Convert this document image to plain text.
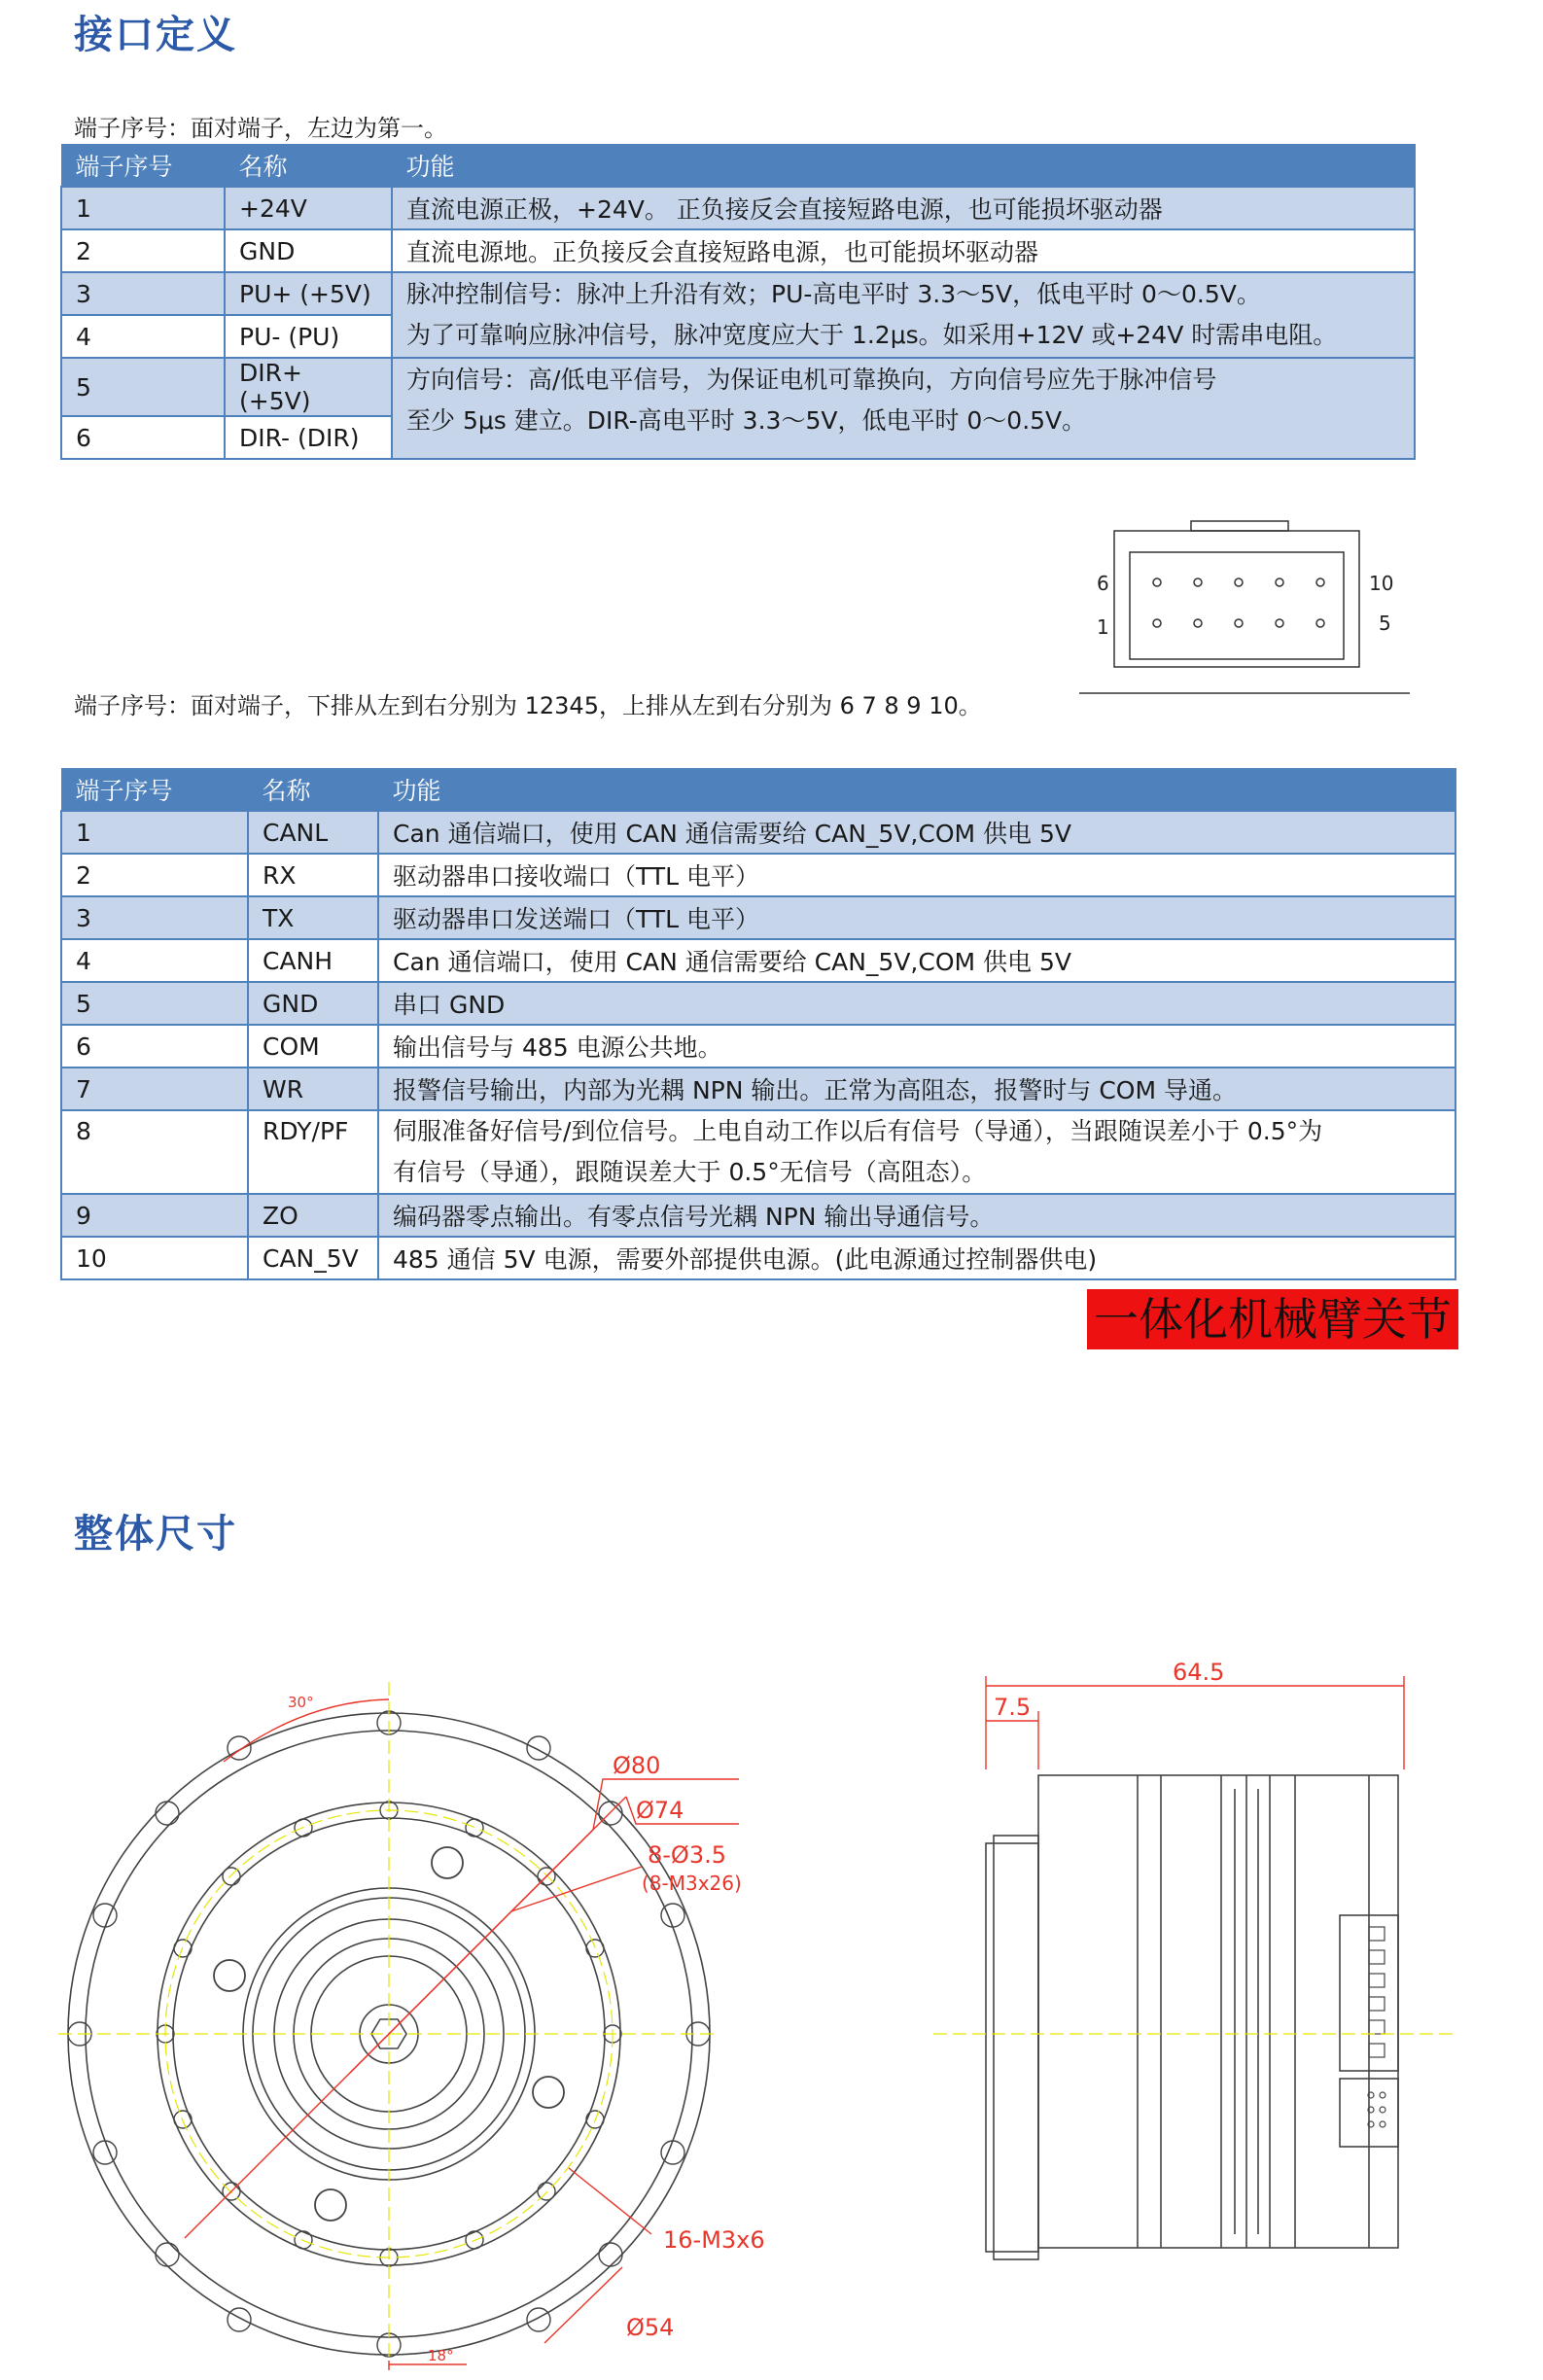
接口定义
端子序号：面对端子，左边为第一。
端子序号	名称	功能
1	+24V	直流电源正极，+24V。 正负接反会直接短路电源，也可能损坏驱动器
2	GND	直流电源地。正负接反会直接短路电源，也可能损坏驱动器
3	PU+ (+5V)	脉冲控制信号：脉冲上升沿有效；PU-高电平时 3.3～5V，低电平时 0～0.5V。
为了可靠响应脉冲信号，脉冲宽度应大于 1.2μs。如采用+12V 或+24V 时需串电阻。

4	PU- (PU)	
5	DIR+ (+5V)	方向信号：高/低电平信号，为保证电机可靠换向，方向信号应先于脉冲信号
至少 5μs 建立。DIR-高电平时 3.3～5V，低电平时 0～0.5V。

6	DIR- (DIR)	
6	10
1	5
端子序号：面对端子，下排从左到右分别为 12345，上排从左到右分别为 6 7 8 9 10。
端子序号	名称	功能
1	CANL	Can 通信端口，使用 CAN 通信需要给 CAN_5V,COM 供电 5V
2	RX	驱动器串口接收端口（TTL 电平）
3	TX	驱动器串口发送端口（TTL 电平）
4	CANH	Can 通信端口，使用 CAN 通信需要给 CAN_5V,COM 供电 5V
5	GND	串口 GND
6	COM	输出信号与 485 电源公共地。
7	WR	报警信号输出，内部为光耦 NPN 输出。正常为高阻态，报警时与 COM 导通。
8	RDY/PF	伺服准备好信号/到位信号。上电自动工作以后有信号（导通），当跟随误差小于 0.5°为
有信号（导通），跟随误差大于 0.5°无信号（高阻态）。

9	ZO	编码器零点输出。有零点信号光耦 NPN 输出导通信号。
10	CAN_5V	485 通信 5V 电源，需要外部提供电源。(此电源通过控制器供电)
一体化机械臂关节
整体尺寸
Ø80
Ø74
8-Ø3.5
(8-M3x26)
16-M3x6
Ø54
30°
18°
64.5
7.5
